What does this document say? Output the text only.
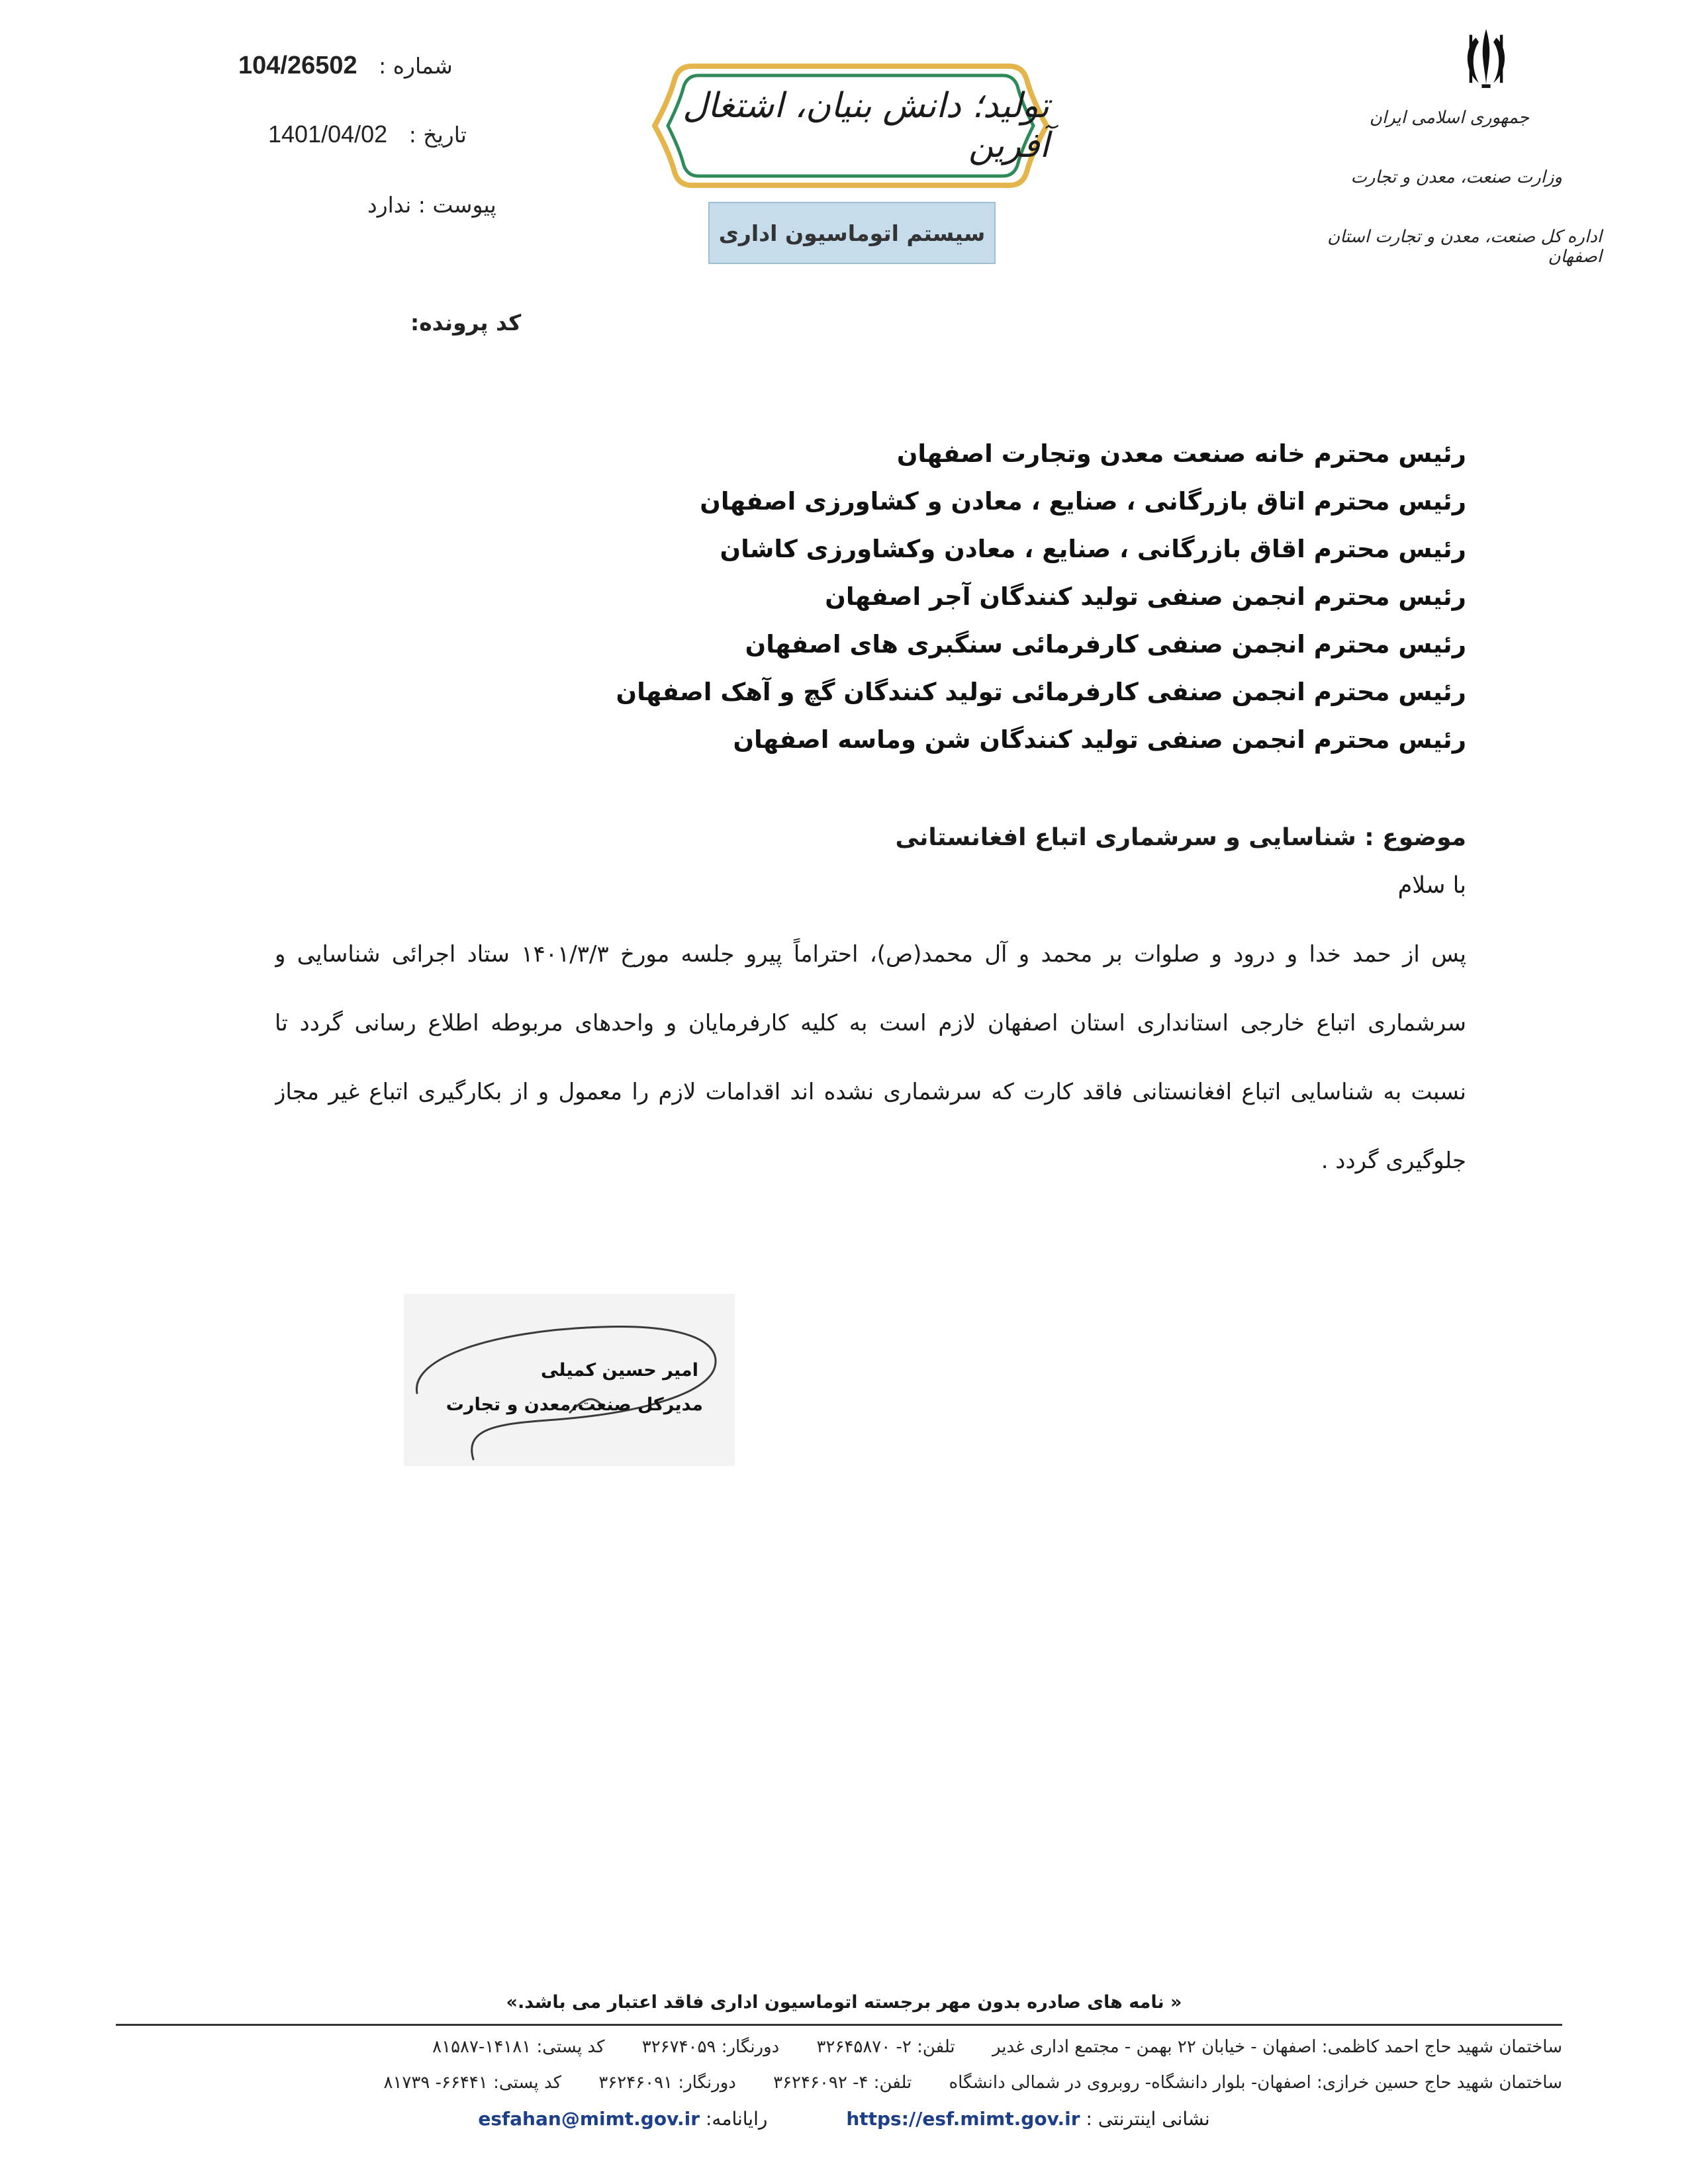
جمهوری اسلامی ایران
وزارت صنعت، معدن و تجارت
اداره کل صنعت، معدن و تجارت استان اصفهان
تولید؛ دانش بنیان، اشتغال آفرین
سیستم اتوماسیون اداری
شماره : 104/26502
تاریخ : 1401/04/02
پیوست : ندارد
کد پرونده:
رئیس محترم خانه صنعت معدن وتجارت اصفهان
رئیس محترم اتاق بازرگانی ، صنایع ، معادن و کشاورزی اصفهان
رئیس محترم اقاق بازرگانی ، صنایع ، معادن وکشاورزی کاشان
رئیس محترم انجمن صنفی تولید کنندگان آجر اصفهان
رئیس محترم انجمن صنفی کارفرمائی سنگبری های اصفهان
رئیس محترم انجمن صنفی کارفرمائی تولید کنندگان گچ و آهک اصفهان
رئیس محترم انجمن صنفی تولید کنندگان شن وماسه اصفهان
موضوع : شناسایی و سرشماری اتباع افغانستانی
با سلام
پس از حمد خدا و درود و صلوات بر محمد و آل محمد(ص)، احتراماً پیرو جلسه مورخ ۱۴۰۱/۳/۳ ستاد اجرائی شناسایی و
سرشماری اتباع خارجی استانداری استان اصفهان لازم است به کلیه کارفرمایان و واحدهای مربوطه اطلاع رسانی گردد تا
نسبت به شناسایی اتباع افغانستانی فاقد کارت که سرشماری نشده اند اقدامات لازم را معمول و از بکارگیری اتباع غیر مجاز
جلوگیری گردد .
امیر حسین کمیلی
مدیرکل صنعت،معدن و تجارت
« نامه های صادره بدون مهر برجسته اتوماسیون اداری فاقد اعتبار می باشد.»
ساختمان شهید حاج احمد کاظمی: اصفهان - خیابان ۲۲ بهمن - مجتمع اداری غدیر تلفن: ۲- ۳۲۶۴۵۸۷۰ دورنگار: ۳۲۶۷۴۰۵۹ کد پستی: ۱۴۱۸۱-۸۱۵۸۷
ساختمان شهید حاج حسین خرازی: اصفهان- بلوار دانشگاه- روبروی در شمالی دانشگاه تلفن: ۴- ۳۶۲۴۶۰۹۲ دورنگار: ۳۶۲۴۶۰۹۱ کد پستی: ۶۶۴۴۱- ۸۱۷۳۹
نشانی اینترنتی : https://esf.mimt.gov.ir رایانامه: esfahan@mimt.gov.ir
